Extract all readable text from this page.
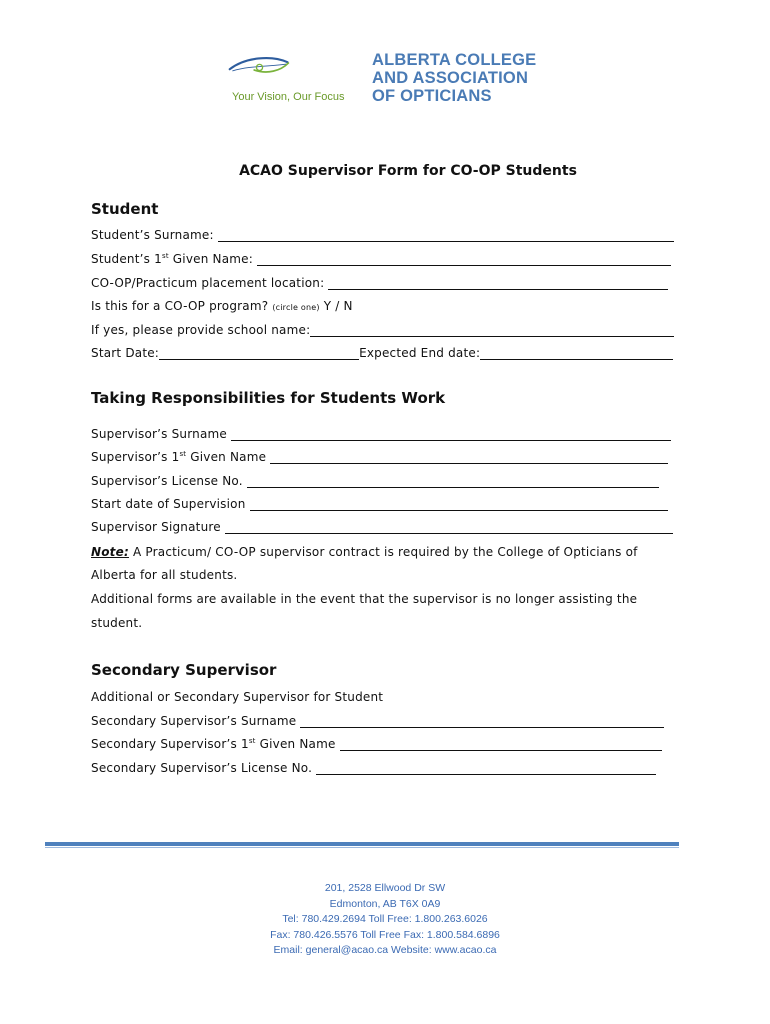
ALBERTA COLLEGE
AND ASSOCIATION
OF OPTICIANS
Your Vision, Our Focus
ACAO Supervisor Form for CO-OP Students
Student
Student’s Surname:
Student’s 1st Given Name:
CO-OP/Practicum placement location:
Is this for a CO-OP program? (circle one) Y / N
If yes, please provide school name:
Start Date:	Expected End date:
Taking Responsibilities for Students Work
Supervisor’s Surname
Supervisor’s 1st Given Name
Supervisor’s License No.
Start date of Supervision
Supervisor Signature
Note: A Practicum/ CO-OP supervisor contract is required by the College of Opticians of
Alberta for all students.
Additional forms are available in the event that the supervisor is no longer assisting the
student.
Secondary Supervisor
Additional or Secondary Supervisor for Student
Secondary Supervisor’s Surname
Secondary Supervisor’s 1st Given Name
Secondary Supervisor’s License No.
201, 2528 Ellwood Dr SW
Edmonton, AB T6X 0A9
Tel: 780.429.2694 Toll Free: 1.800.263.6026
Fax: 780.426.5576 Toll Free Fax: 1.800.584.6896
Email: general@acao.ca Website: www.acao.ca
